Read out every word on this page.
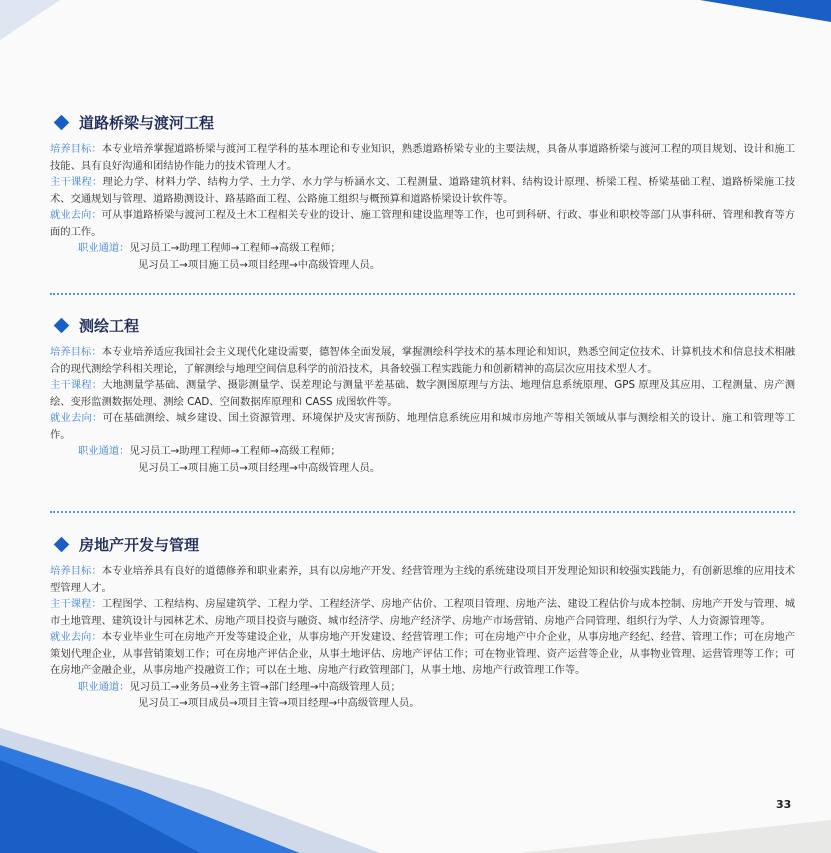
道路桥梁与渡河工程

培养目标：本专业培养掌握道路桥梁与渡河工程学科的基本理论和专业知识，熟悉道路桥梁专业的主要法规，具备从事道路桥梁与渡河工程的项目规划、设计和施工技能、具有良好沟通和团结协作能力的技术管理人才。

主干课程：理论力学、材料力学、结构力学、土力学、水力学与桥涵水文、工程测量、道路建筑材料、结构设计原理、桥梁工程、桥梁基础工程、道路桥梁施工技术、交通规划与管理、道路勘测设计、路基路面工程、公路施工组织与概预算和道路桥梁设计软件等。

就业去向：可从事道路桥梁与渡河工程及土木工程相关专业的设计、施工管理和建设监理等工作，也可到科研、行政、事业和职校等部门从事科研、管理和教育等方面的工作。

职业通道：见习员工→助理工程师→工程师→高级工程师；

见习员工→项目施工员→项目经理→中高级管理人员。

测绘工程

培养目标：本专业培养适应我国社会主义现代化建设需要，德智体全面发展，掌握测绘科学技术的基本理论和知识，熟悉空间定位技术、计算机技术和信息技术相融合的现代测绘学科相关理论，了解测绘与地理空间信息科学的前沿技术，具备较强工程实践能力和创新精神的高层次应用技术型人才。

主干课程：大地测量学基础、测量学、摄影测量学、误差理论与测量平差基础、数字测图原理与方法、地理信息系统原理、GPS 原理及其应用、工程测量、房产测绘、变形监测数据处理、测绘 CAD、空间数据库原理和 CASS 成图软件等。

就业去向：可在基础测绘、城乡建设、国土资源管理、环境保护及灾害预防、地理信息系统应用和城市房地产等相关领域从事与测绘相关的设计、施工和管理等工作。

职业通道：见习员工→助理工程师→工程师→高级工程师；

见习员工→项目施工员→项目经理→中高级管理人员。

房地产开发与管理

培养目标：本专业培养具有良好的道德修养和职业素养，具有以房地产开发、经营管理为主线的系统建设项目开发理论知识和较强实践能力，有创新思维的应用技术型管理人才。

主干课程：工程图学、工程结构、房屋建筑学、工程力学、工程经济学、房地产估价、工程项目管理、房地产法、建设工程估价与成本控制、房地产开发与管理、城市土地管理、建筑设计与园林艺术、房地产项目投资与融资、城市经济学、房地产经济学、房地产市场营销、房地产合同管理、组织行为学、人力资源管理等。

就业去向：本专业毕业生可在房地产开发等建设企业，从事房地产开发建设、经营管理工作；可在房地产中介企业，从事房地产经纪、经营、管理工作；可在房地产策划代理企业，从事营销策划工作；可在房地产评估企业，从事土地评估、房地产评估工作；可在物业管理、资产运营等企业，从事物业管理、运营管理等工作；可在房地产金融企业，从事房地产投融资工作；可以在土地、房地产行政管理部门，从事土地、房地产行政管理工作等。

职业通道：见习员工→业务员→业务主管→部门经理→中高级管理人员；

见习员工→项目成员→项目主管→项目经理→中高级管理人员。

33
